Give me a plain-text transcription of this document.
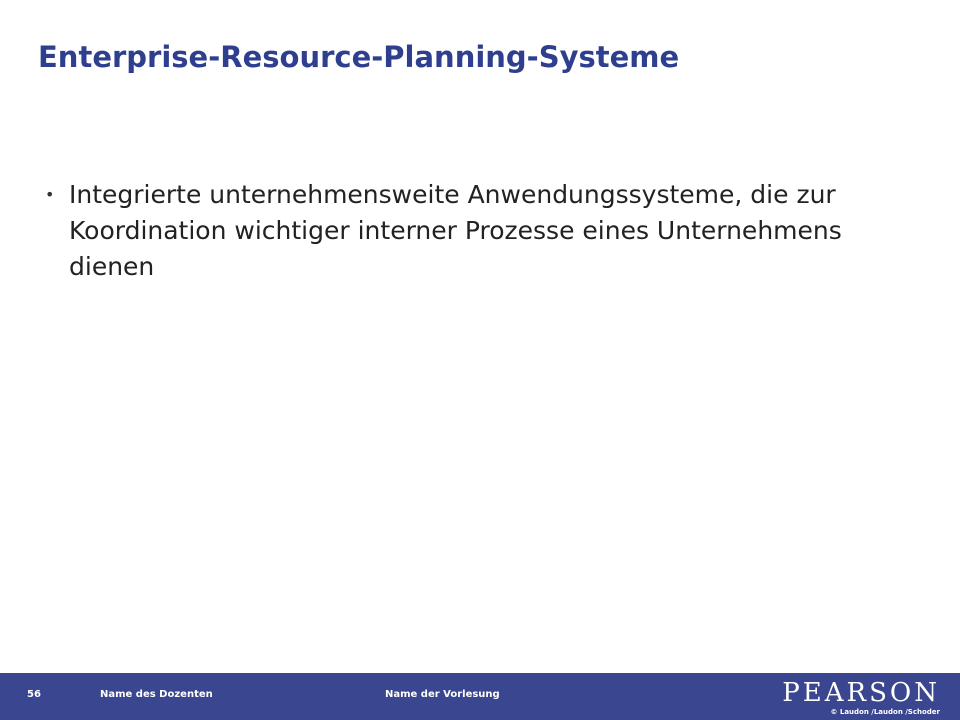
Enterprise-Resource-Planning-Systeme
• Integrierte unternehmensweite Anwendungssysteme, die zur Koordination wichtiger interner Prozesse eines Unternehmens dienen
56	Name des Dozenten	Name der Vorlesung	PEARSON
© Laudon /Laudon /Schoder
